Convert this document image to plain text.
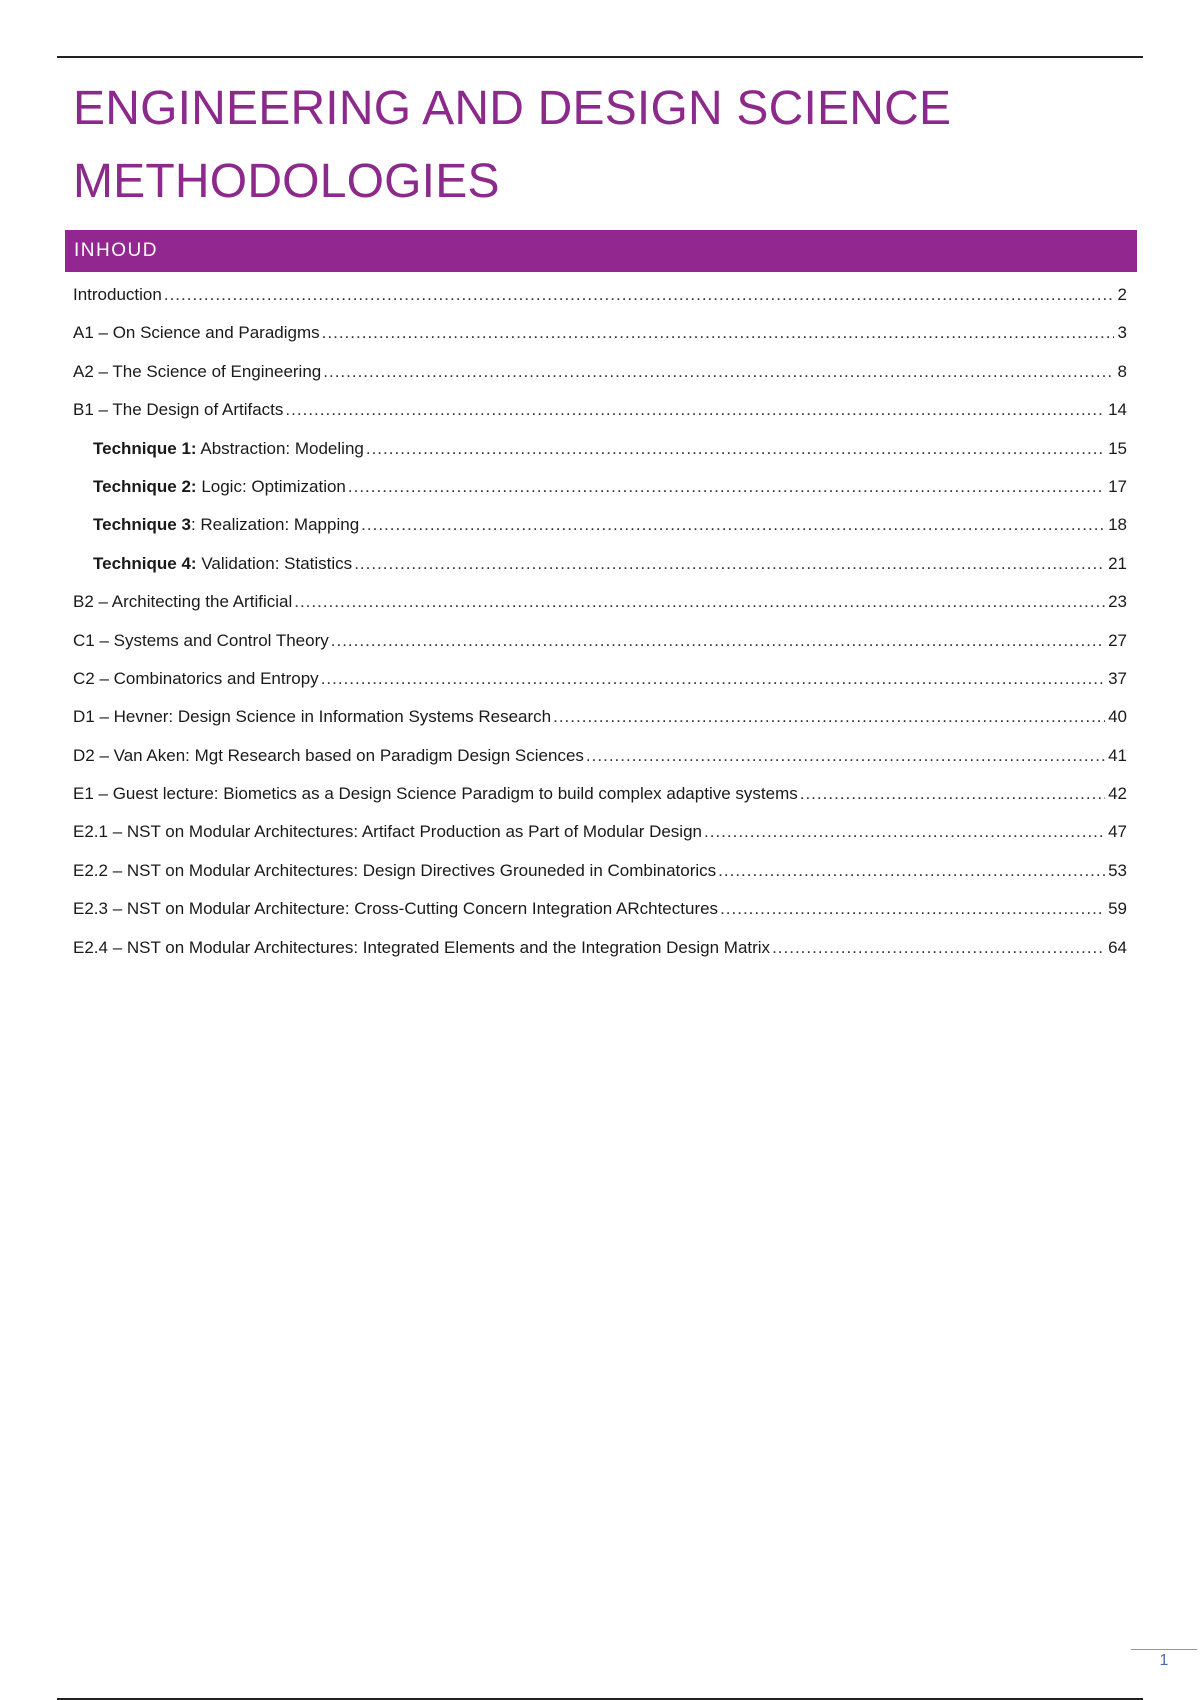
ENGINEERING AND DESIGN SCIENCE
METHODOLOGIES
INHOUD
Introduction .....	2
A1 – On Science and Paradigms .....	3
A2 – The Science of Engineering .....	8
B1 – The Design of Artifacts .....	14
Technique 1: Abstraction: Modeling .....	15
Technique 2: Logic: Optimization .....	17
Technique 3: Realization: Mapping .....	18
Technique 4: Validation: Statistics .....	21
B2 – Architecting the Artificial .....	23
C1 – Systems and Control Theory .....	27
C2 – Combinatorics and Entropy .....	37
D1 – Hevner: Design Science in Information Systems Research .....	40
D2 – Van Aken: Mgt Research based on Paradigm Design Sciences .....	41
E1 – Guest lecture: Biometics as a Design Science Paradigm to build complex adaptive systems .....	42
E2.1 – NST on Modular Architectures: Artifact Production as Part of Modular Design .....	47
E2.2 – NST on Modular Architectures: Design Directives Grouneded in Combinatorics .....	53
E2.3 – NST on Modular Architecture: Cross-Cutting Concern Integration ARchtectures .....	59
E2.4 – NST on Modular Architectures: Integrated Elements and the Integration Design Matrix .....	64
1
